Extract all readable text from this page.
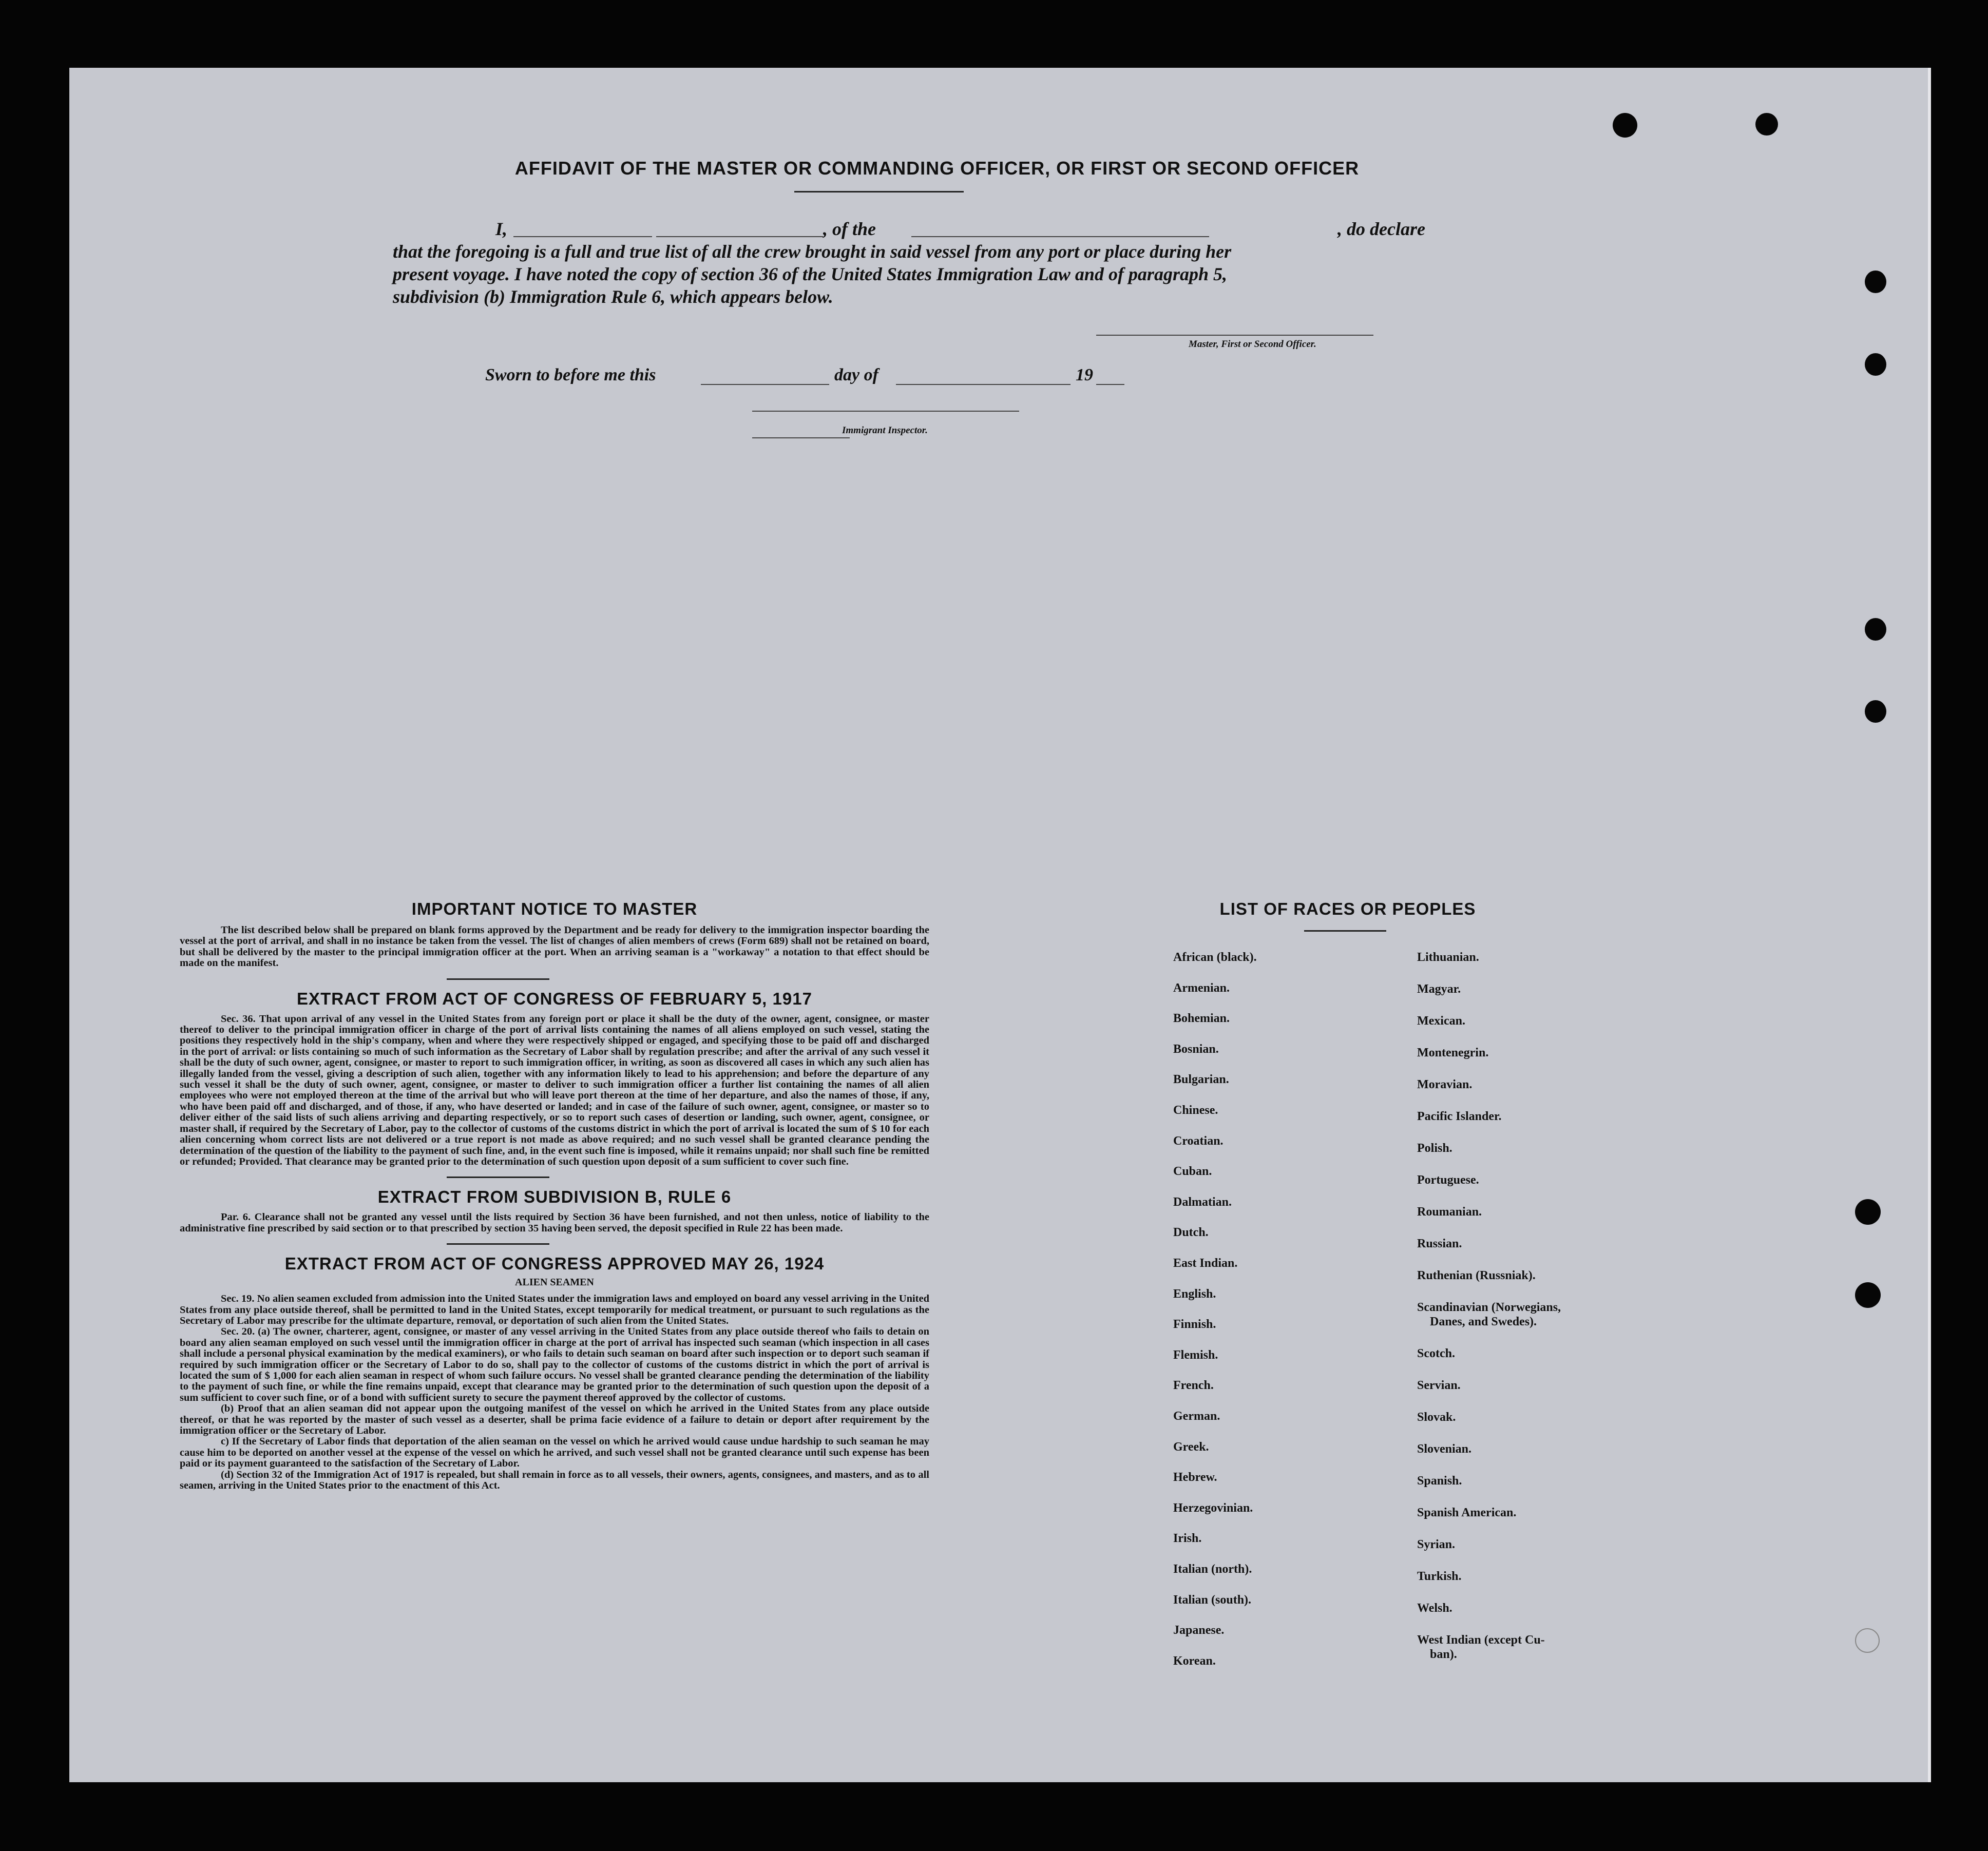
AFFIDAVIT OF THE MASTER OR COMMANDING OFFICER, OR FIRST OR SECOND OFFICER
I,	, of the	, do declare
that the foregoing is a full and true list of all the crew brought in said vessel from any port or place during her
present voyage. I have noted the copy of section 36 of the United States Immigration Law and of paragraph 5,
subdivision (b) Immigration Rule 6, which appears below.
Master, First or Second Officer.
Sworn to before me this	day of	19
Immigrant Inspector.
IMPORTANT NOTICE TO MASTER
The list described below shall be prepared on blank forms approved by the Department and be ready for delivery to the immigration inspector boarding the vessel at the port of arrival, and shall in no instance be taken from the vessel. The list of changes of alien members of crews (Form 689) shall not be retained on board, but shall be delivered by the master to the principal immigration officer at the port. When an arriving seaman is a "workaway" a notation to that effect should be made on the manifest.
EXTRACT FROM ACT OF CONGRESS OF FEBRUARY 5, 1917
Sec. 36. That upon arrival of any vessel in the United States from any foreign port or place it shall be the duty of the owner, agent, consignee, or master thereof to deliver to the principal immigration officer in charge of the port of arrival lists containing the names of all aliens employed on such vessel, stating the positions they respectively hold in the ship's company, when and where they were respectively shipped or engaged, and specifying those to be paid off and discharged in the port of arrival: or lists containing so much of such information as the Secretary of Labor shall by regulation prescribe; and after the arrival of any such vessel it shall be the duty of such owner, agent, consignee, or master to report to such immigration officer, in writing, as soon as discovered all cases in which any such alien has illegally landed from the vessel, giving a description of such alien, together with any information likely to lead to his apprehension; and before the departure of any such vessel it shall be the duty of such owner, agent, consignee, or master to deliver to such immigration officer a further list containing the names of all alien employees who were not employed thereon at the time of the arrival but who will leave port thereon at the time of her departure, and also the names of those, if any, who have been paid off and discharged, and of those, if any, who have deserted or landed; and in case of the failure of such owner, agent, consignee, or master so to deliver either of the said lists of such aliens arriving and departing respectively, or so to report such cases of desertion or landing, such owner, agent, consignee, or master shall, if required by the Secretary of Labor, pay to the collector of customs of the customs district in which the port of arrival is located the sum of $ 10 for each alien concerning whom correct lists are not delivered or a true report is not made as above required; and no such vessel shall be granted clearance pending the determination of the question of the liability to the payment of such fine, and, in the event such fine is imposed, while it remains unpaid; nor shall such fine be remitted or refunded; Provided. That clearance may be granted prior to the determination of such question upon deposit of a sum sufficient to cover such fine.
EXTRACT FROM SUBDIVISION B, RULE 6
Par. 6. Clearance shall not be granted any vessel until the lists required by Section 36 have been furnished, and not then unless, notice of liability to the administrative fine prescribed by said section or to that prescribed by section 35 having been served, the deposit specified in Rule 22 has been made.
EXTRACT FROM ACT OF CONGRESS APPROVED MAY 26, 1924
ALIEN SEAMEN

Sec. 19. No alien seamen excluded from admission into the United States under the immigration laws and employed on board any vessel arriving in the United States from any place outside thereof, shall be permitted to land in the United States, except temporarily for medical treatment, or pursuant to such regulations as the Secretary of Labor may prescribe for the ultimate departure, removal, or deportation of such alien from the United States.

Sec. 20. (a) The owner, charterer, agent, consignee, or master of any vessel arriving in the United States from any place outside thereof who fails to detain on board any alien seaman employed on such vessel until the immigration officer in charge at the port of arrival has inspected such seaman (which inspection in all cases shall include a personal physical examination by the medical examiners), or who fails to detain such seaman on board after such inspection or to deport such seaman if required by such immigration officer or the Secretary of Labor to do so, shall pay to the collector of customs of the customs district in which the port of arrival is located the sum of $ 1,000 for each alien seaman in respect of whom such failure occurs. No vessel shall be granted clearance pending the determination of the liability to the payment of such fine, or while the fine remains unpaid, except that clearance may be granted prior to the determination of such question upon the deposit of a sum sufficient to cover such fine, or of a bond with sufficient surety to secure the payment thereof approved by the collector of customs.

(b) Proof that an alien seaman did not appear upon the outgoing manifest of the vessel on which he arrived in the United States from any place outside thereof, or that he was reported by the master of such vessel as a deserter, shall be prima facie evidence of a failure to detain or deport after requirement by the immigration officer or the Secretary of Labor.

c) If the Secretary of Labor finds that deportation of the alien seaman on the vessel on which he arrived would cause undue hardship to such seaman he may cause him to be deported on another vessel at the expense of the vessel on which he arrived, and such vessel shall not be granted clearance until such expense has been paid or its payment guaranteed to the satisfaction of the Secretary of Labor.

(d) Section 32 of the Immigration Act of 1917 is repealed, but shall remain in force as to all vessels, their owners, agents, consignees, and masters, and as to all seamen, arriving in the United States prior to the enactment of this Act.

LIST OF RACES OR PEOPLES
African (black).
Armenian.
Bohemian.
Bosnian.
Bulgarian.
Chinese.
Croatian.
Cuban.
Dalmatian.
Dutch.
East Indian.
English.
Finnish.
Flemish.
French.
German.
Greek.
Hebrew.
Herzegovinian.
Irish.
Italian (north).
Italian (south).
Japanese.
Korean.
Lithuanian.
Magyar.
Mexican.
Montenegrin.
Moravian.
Pacific Islander.
Polish.
Portuguese.
Roumanian.
Russian.
Ruthenian (Russniak).
Scandinavian (Norwegians,
Danes, and Swedes).
Scotch.
Servian.
Slovak.
Slovenian.
Spanish.
Spanish American.
Syrian.
Turkish.
Welsh.
West Indian (except Cu-
ban).
